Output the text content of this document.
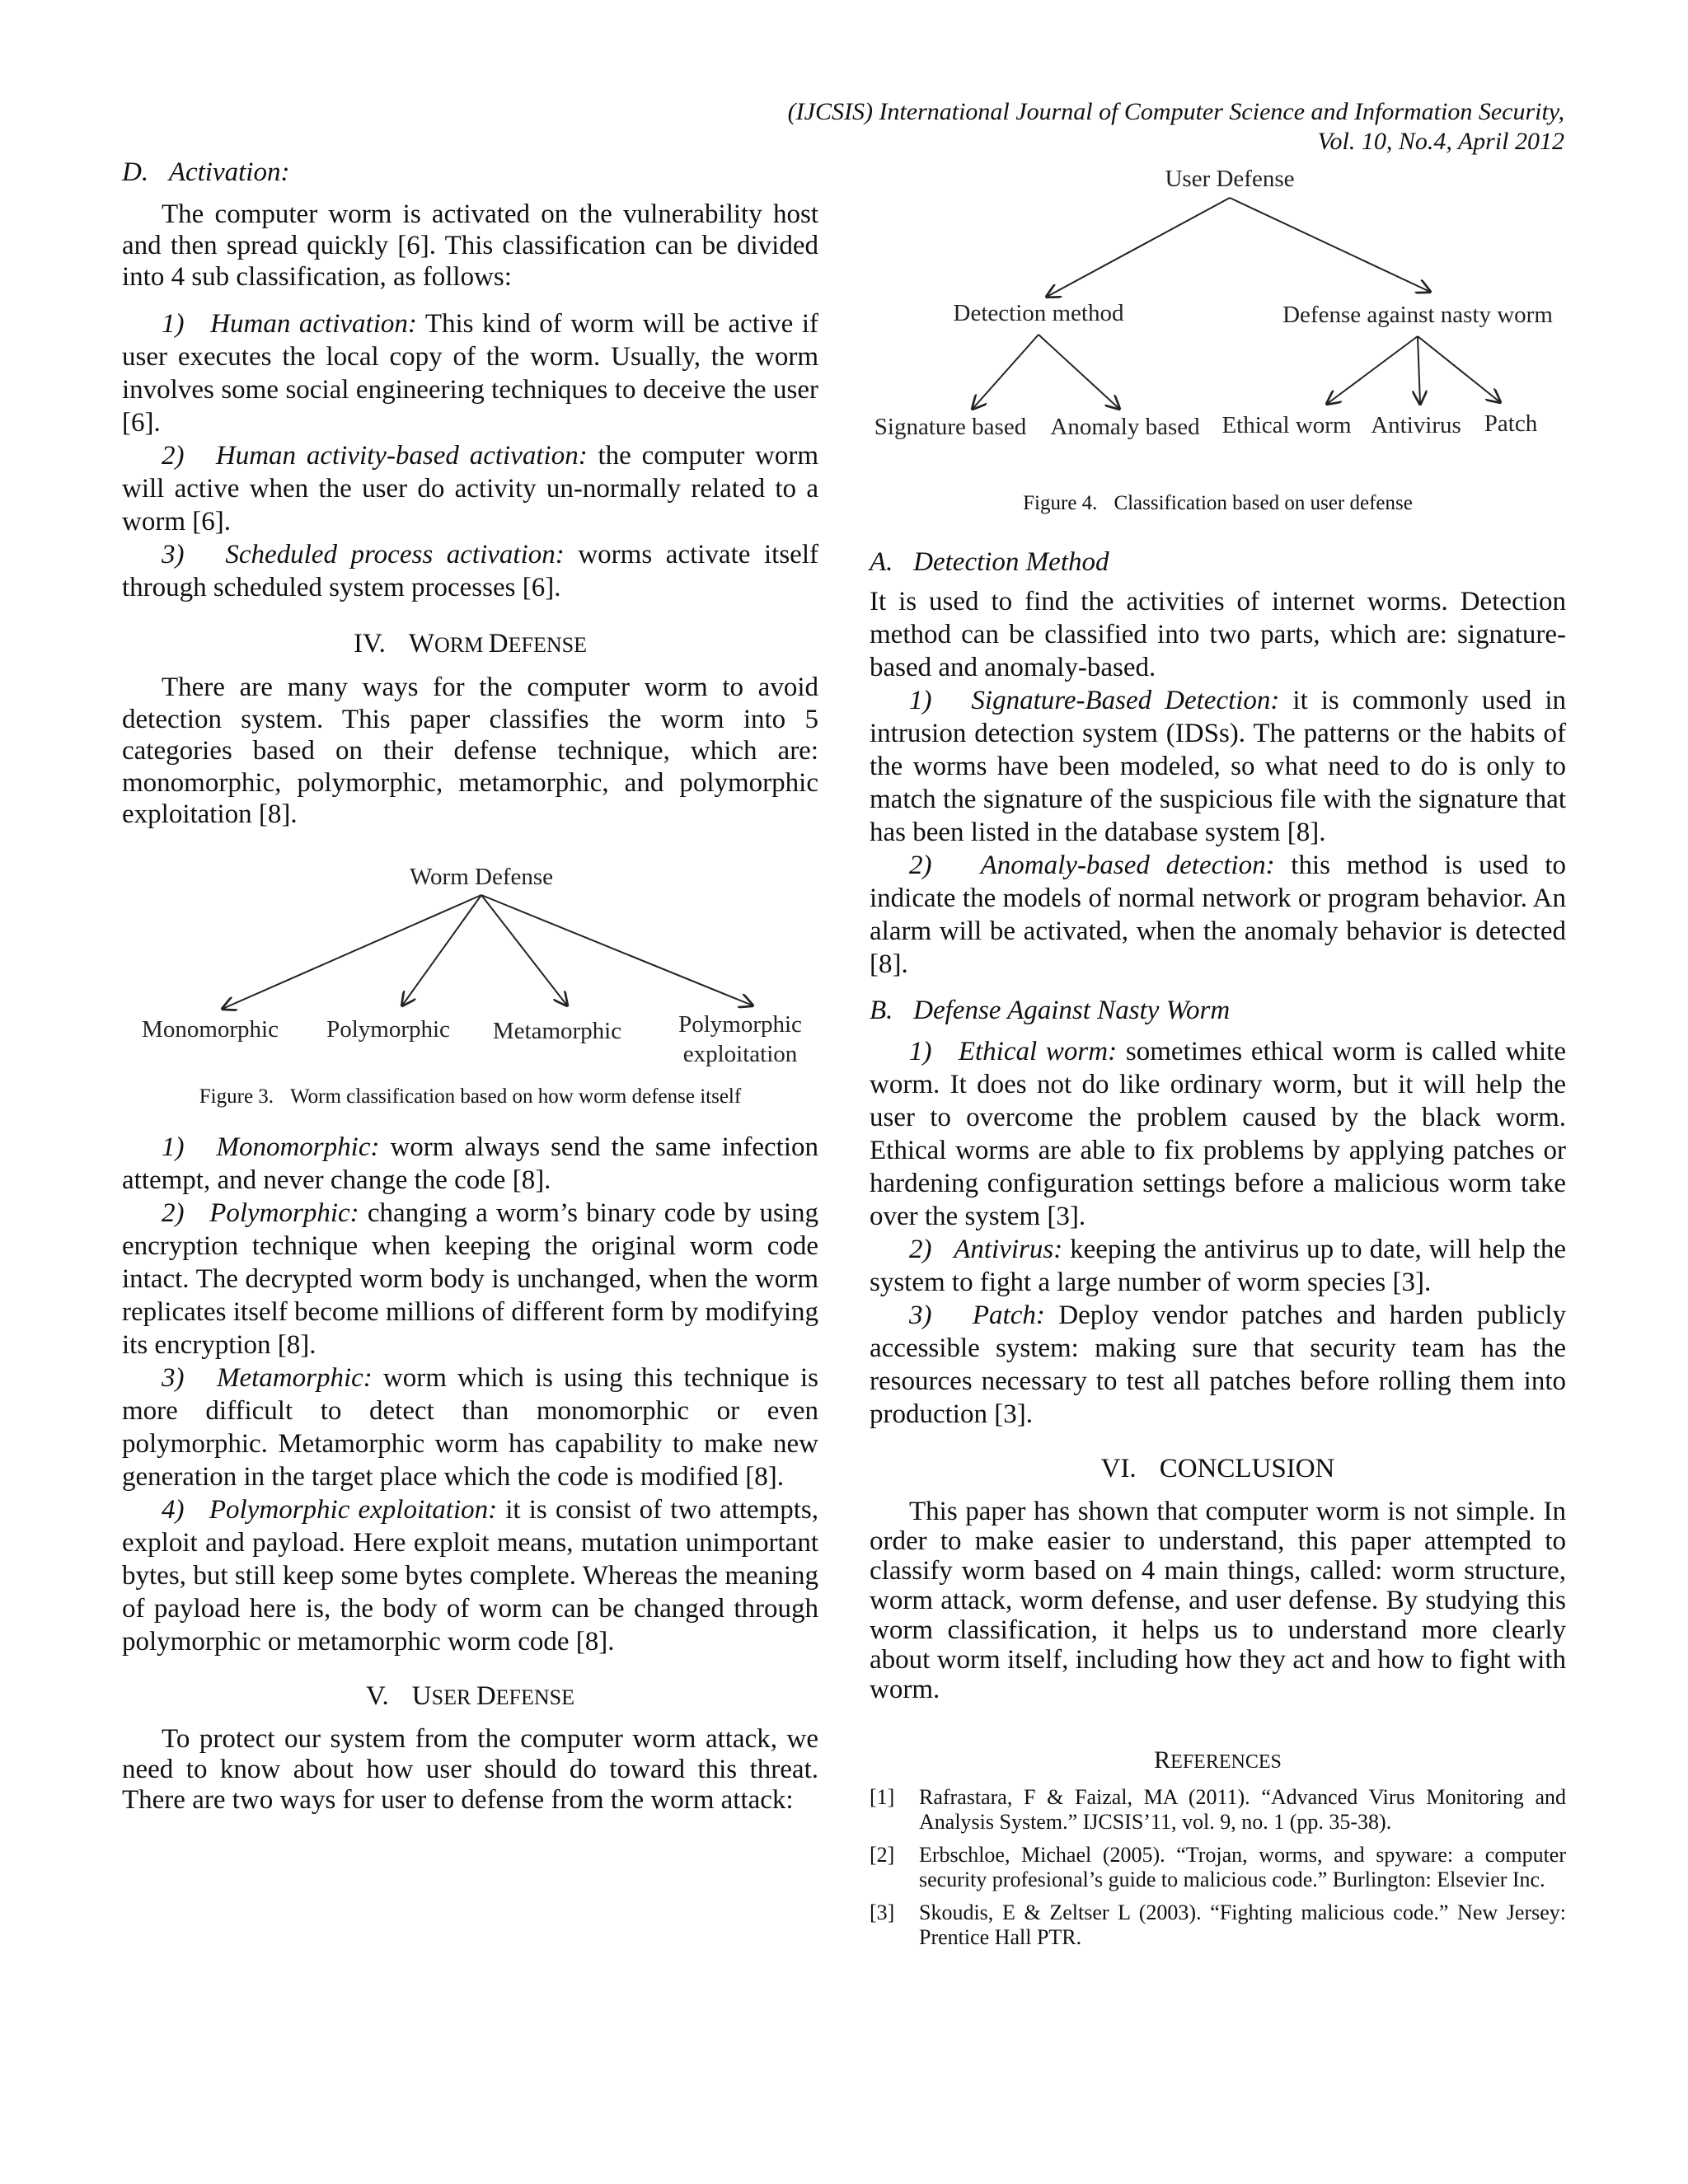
(IJCSIS) International Journal of Computer Science and Information Security,
Vol. 10, No.4, April 2012

D.   Activation:

The computer worm is activated on the vulnerability host and then spread quickly [6]. This classification can be divided into 4 sub classification, as follows:

1)   Human activation: This kind of worm will be active if user executes the local copy of the worm. Usually, the worm involves some social engineering techniques to deceive the user [6].

2)   Human activity-based activation: the computer worm will active when the user do activity un-normally related to a worm [6].

3)   Scheduled process activation: worms activate itself through scheduled system processes [6].

IV. WORM DEFENSE

There are many ways for the computer worm to avoid detection system. This paper classifies the worm into 5 categories based on their defense technique, which are: monomorphic, polymorphic, metamorphic, and polymorphic exploitation [8].

Worm Defense
Monomorphic Polymorphic Metamorphic Polymorphic
exploitation

Figure 3. Worm classification based on how worm defense itself

1)   Monomorphic: worm always send the same infection attempt, and never change the code [8].

2)   Polymorphic: changing a worm’s binary code by using encryption technique when keeping the original worm code intact. The decrypted worm body is unchanged, when the worm replicates itself become millions of different form by modifying its encryption [8].

3)   Metamorphic: worm which is using this technique is more difficult to detect than monomorphic or even polymorphic. Metamorphic worm has capability to make new generation in the target place which the code is modified [8].

4)   Polymorphic exploitation: it is consist of two attempts, exploit and payload. Here exploit means, mutation unimportant bytes, but still keep some bytes complete. Whereas the meaning of payload here is, the body of worm can be changed through polymorphic or metamorphic worm code [8].

V. USER DEFENSE

To protect our system from the computer worm attack, we need to know about how user should do toward this threat. There are two ways for user to defense from the worm attack:

User Defense
Detection method	Defense against nasty worm
Signature based Anomaly based Ethical worm Antivirus Patch

Figure 4. Classification based on user defense

A.   Detection Method

It is used to find the activities of internet worms. Detection method can be classified into two parts, which are: signature-based and anomaly-based.

1)   Signature-Based Detection: it is commonly used in intrusion detection system (IDSs). The patterns or the habits of the worms have been modeled, so what need to do is only to match the signature of the suspicious file with the signature that has been listed in the database system [8].

2)   Anomaly-based detection: this method is used to indicate the models of normal network or program behavior. An alarm will be activated, when the anomaly behavior is detected [8].

B.   Defense Against Nasty Worm

1)   Ethical worm: sometimes ethical worm is called white worm. It does not do like ordinary worm, but it will help the user to overcome the problem caused by the black worm. Ethical worms are able to fix problems by applying patches or hardening configuration settings before a malicious worm take over the system [3].

2)   Antivirus: keeping the antivirus up to date, will help the system to fight a large number of worm species [3].

3)   Patch: Deploy vendor patches and harden publicly accessible system: making sure that security team has the resources necessary to test all patches before rolling them into production [3].

VI. CONCLUSION

This paper has shown that computer worm is not simple. In order to make easier to understand, this paper attempted to classify worm based on 4 main things, called: worm structure, worm attack, worm defense, and user defense. By studying this worm classification, it helps us to understand more clearly about worm itself, including how they act and how to fight with worm.

REFERENCES

[1]	Rafrastara, F & Faizal, MA (2011). “Advanced Virus Monitoring and Analysis System.” IJCSIS’11, vol. 9, no. 1 (pp. 35-38).
[2]	Erbschloe, Michael (2005). “Trojan, worms, and spyware: a computer security profesional’s guide to malicious code.” Burlington: Elsevier Inc.
[3]	Skoudis, E & Zeltser L (2003). “Fighting malicious code.” New Jersey: Prentice Hall PTR.
